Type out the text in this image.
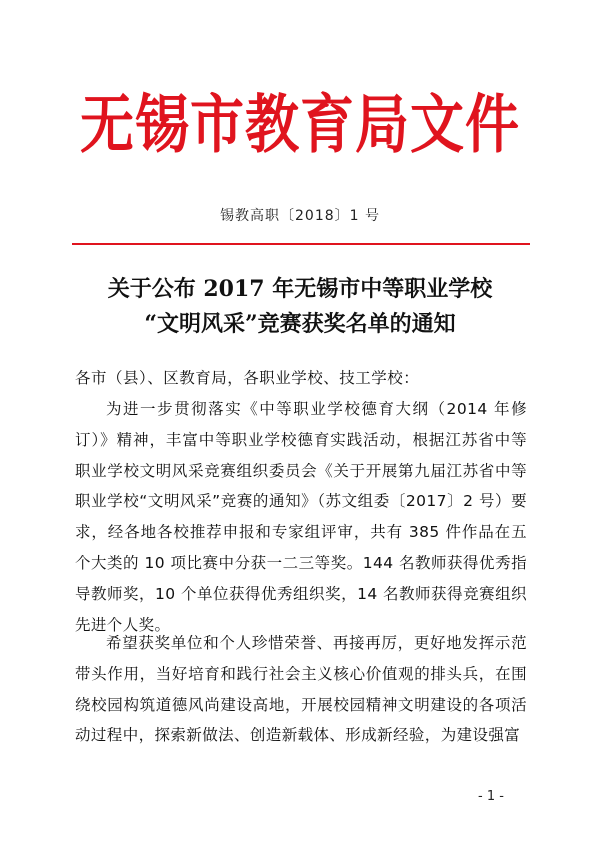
无锡市教育局文件
锡教高职〔2018〕1 号
关于公布 2017 年无锡市中等职业学校
“文明风采”竞赛获奖名单的通知
各市（县）、区教育局，各职业学校、技工学校：
为进一步贯彻落实《中等职业学校德育大纲（2014 年修订）》精神，丰富中等职业学校德育实践活动，根据江苏省中等职业学校文明风采竞赛组织委员会《关于开展第九届江苏省中等职业学校“文明风采”竞赛的通知》（苏文组委〔2017〕2 号）要求，经各地各校推荐申报和专家组评审，共有 385 件作品在五个大类的 10 项比赛中分获一二三等奖。144 名教师获得优秀指导教师奖，10 个单位获得优秀组织奖，14 名教师获得竞赛组织先进个人奖。
希望获奖单位和个人珍惜荣誉、再接再厉，更好地发挥示范带头作用，当好培育和践行社会主义核心价值观的排头兵，在围绕校园构筑道德风尚建设高地，开展校园精神文明建设的各项活动过程中，探索新做法、创造新载体、形成新经验，为建设强富
- 1 -
